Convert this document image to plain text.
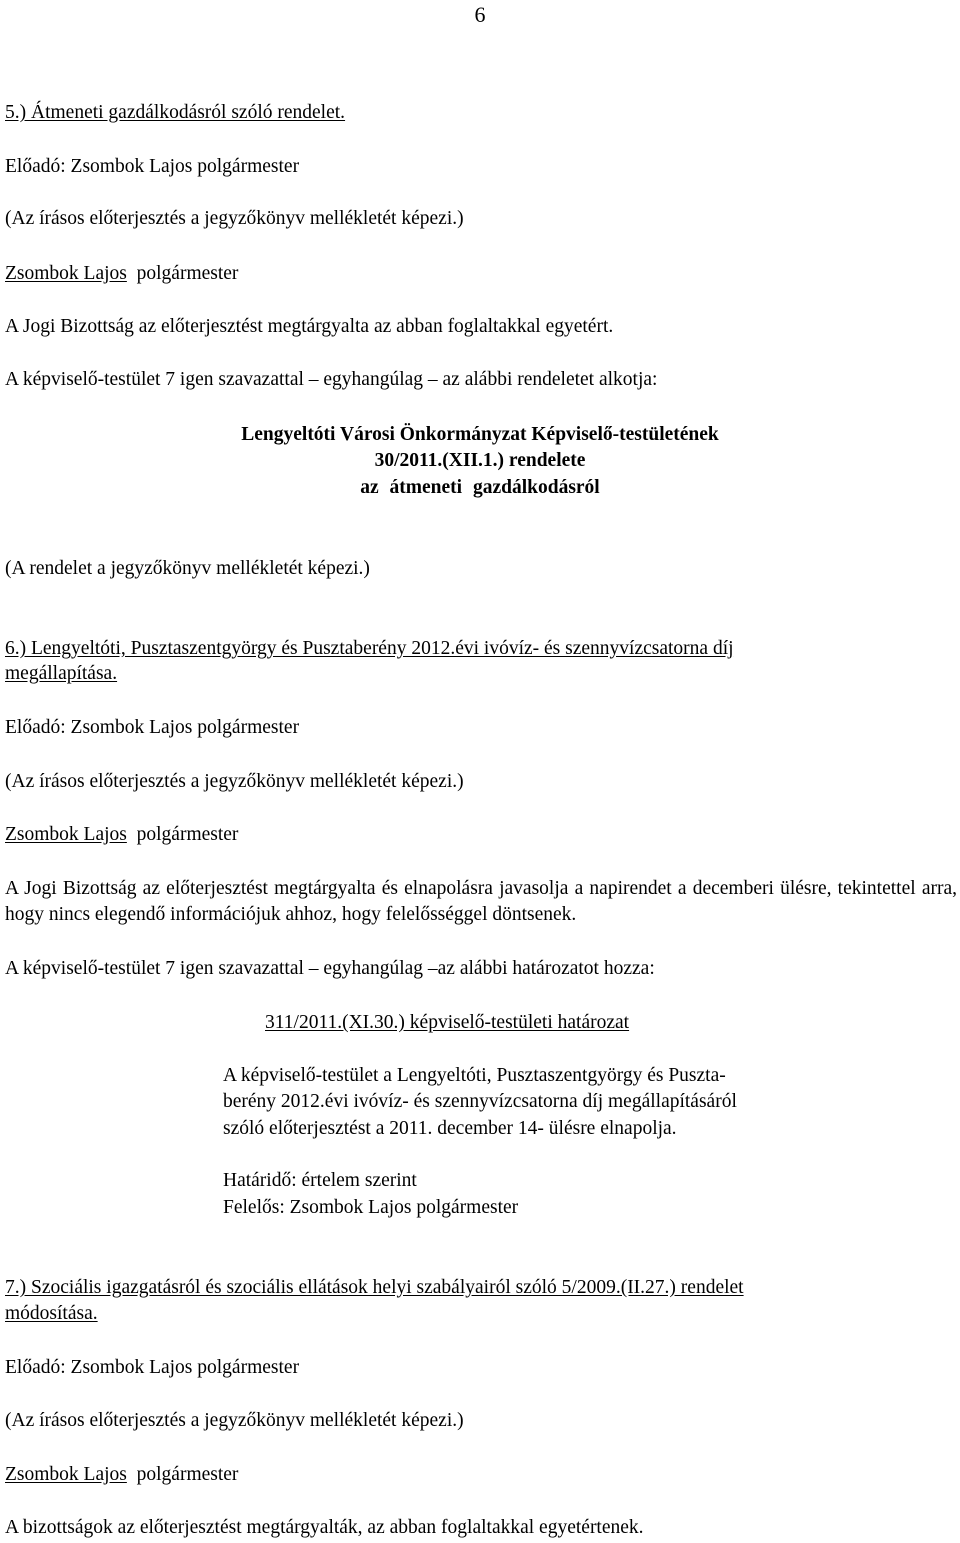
6
5.) Átmeneti gazdálkodásról szóló rendelet.
Előadó: Zsombok Lajos polgármester
(Az írásos előterjesztés a jegyzőkönyv mellékletét képezi.)
Zsombok Lajos polgármester
A Jogi Bizottság az előterjesztést megtárgyalta az abban foglaltakkal egyetért.
A képviselő-testület 7 igen szavazattal – egyhangúlag – az alábbi rendeletet alkotja:
Lengyeltóti Városi Önkormányzat Képviselő-testületének
30/2011.(XII.1.) rendelete
az átmeneti gazdálkodásról
(A rendelet a jegyzőkönyv mellékletét képezi.)
6.) Lengyeltóti, Pusztaszentgyörgy és Pusztaberény 2012.évi ivóvíz- és szennyvízcsatorna díj
megállapítása.
Előadó: Zsombok Lajos polgármester
(Az írásos előterjesztés a jegyzőkönyv mellékletét képezi.)
Zsombok Lajos polgármester
A Jogi Bizottság az előterjesztést megtárgyalta és elnapolásra javasolja a napirendet a decemberi ülésre, tekintettel arra, hogy nincs elegendő információjuk ahhoz, hogy felelősséggel döntsenek.
A képviselő-testület 7 igen szavazattal – egyhangúlag –az alábbi határozatot hozza:
311/2011.(XI.30.) képviselő-testületi határozat
A képviselő-testület a Lengyeltóti, Pusztaszentgyörgy és Puszta-
berény 2012.évi ivóvíz- és szennyvízcsatorna díj megállapításáról
szóló előterjesztést a 2011. december 14- ülésre elnapolja.
Határidő: értelem szerint
Felelős: Zsombok Lajos polgármester
7.) Szociális igazgatásról és szociális ellátások helyi szabályairól szóló 5/2009.(II.27.) rendelet
módosítása.
Előadó: Zsombok Lajos polgármester
(Az írásos előterjesztés a jegyzőkönyv mellékletét képezi.)
Zsombok Lajos polgármester
A bizottságok az előterjesztést megtárgyalták, az abban foglaltakkal egyetértenek.
